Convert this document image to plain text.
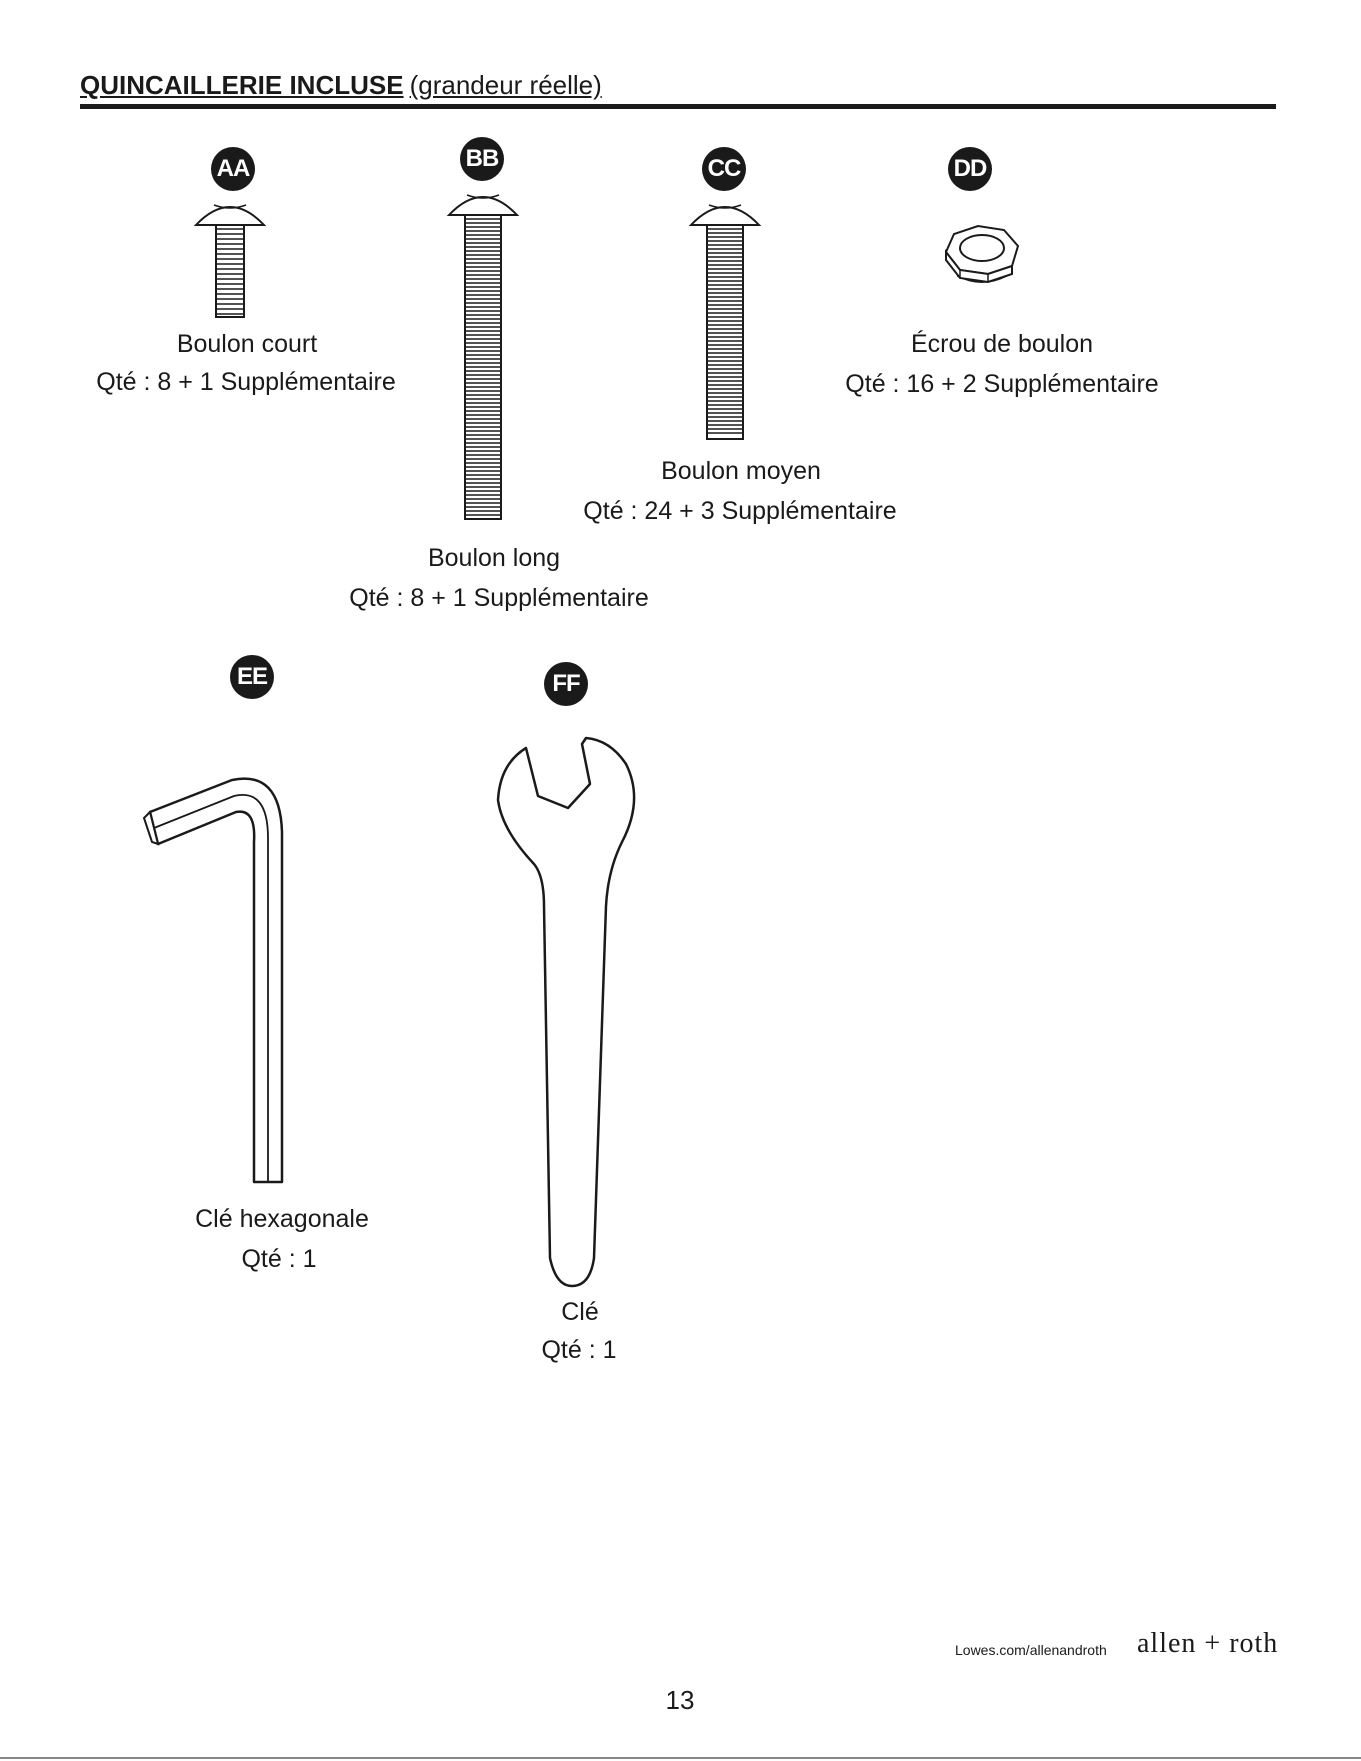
QUINCAILLERIE INCLUSE (grandeur réelle)
AA
Boulon court
Qté : 8 + 1 Supplémentaire
BB
Boulon long
Qté : 8 + 1 Supplémentaire
CC
Boulon moyen
Qté : 24 + 3 Supplémentaire
DD
Écrou de boulon
Qté : 16 + 2 Supplémentaire
EE
Clé hexagonale
Qté : 1
FF
Clé
Qté : 1
Lowes.com/allenandroth allen + roth
13
